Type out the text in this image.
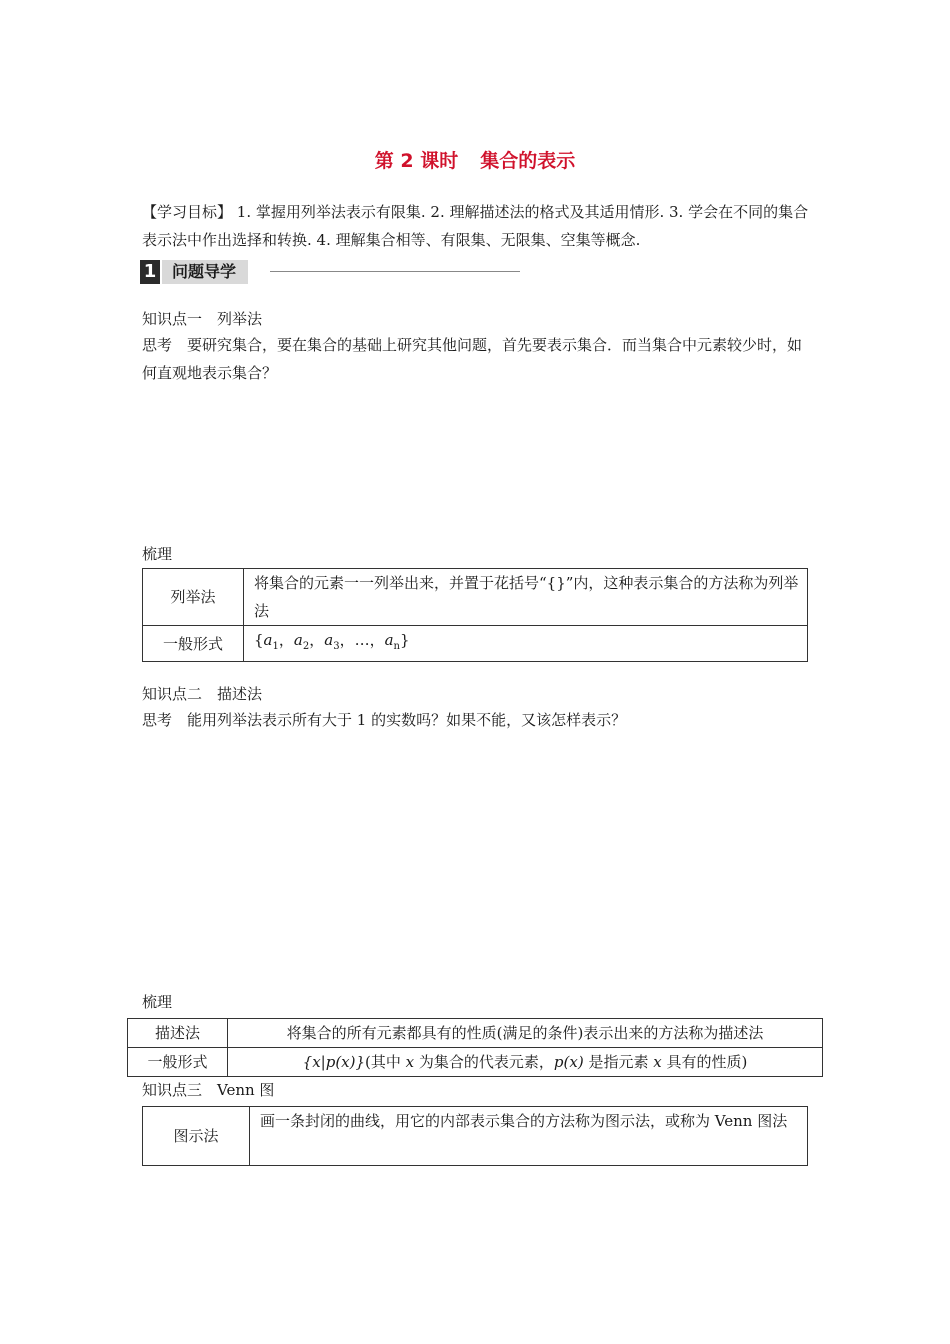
第 2 课时 集合的表示
【学习目标】 1. 掌握用列举法表示有限集. 2. 理解描述法的格式及其适用情形. 3. 学会在不同的集合表示法中作出选择和转换. 4. 理解集合相等、有限集、无限集、空集等概念.
1 问题导学
知识点一　列举法
思考　要研究集合，要在集合的基础上研究其他问题，首先要表示集合．而当集合中元素较少时，如何直观地表示集合？
梳理
列举法	将集合的元素一一列举出来，并置于花括号“{}”内，这种表示集合的方法称为列举法
一般形式	{$a_1$，$a_2$，$a_3$，…，$a_n$}
知识点二　描述法
思考　能用列举法表示所有大于 1 的实数吗？如果不能，又该怎样表示？
梳理
描述法	将集合的所有元素都具有的性质(满足的条件)表示出来的方法称为描述法
一般形式	{x|p(x)}(其中 x 为集合的代表元素，p(x) 是指元素 x 具有的性质)
知识点三　Venn 图
图示法	画一条封闭的曲线，用它的内部表示集合的方法称为图示法，或称为 Venn 图法
